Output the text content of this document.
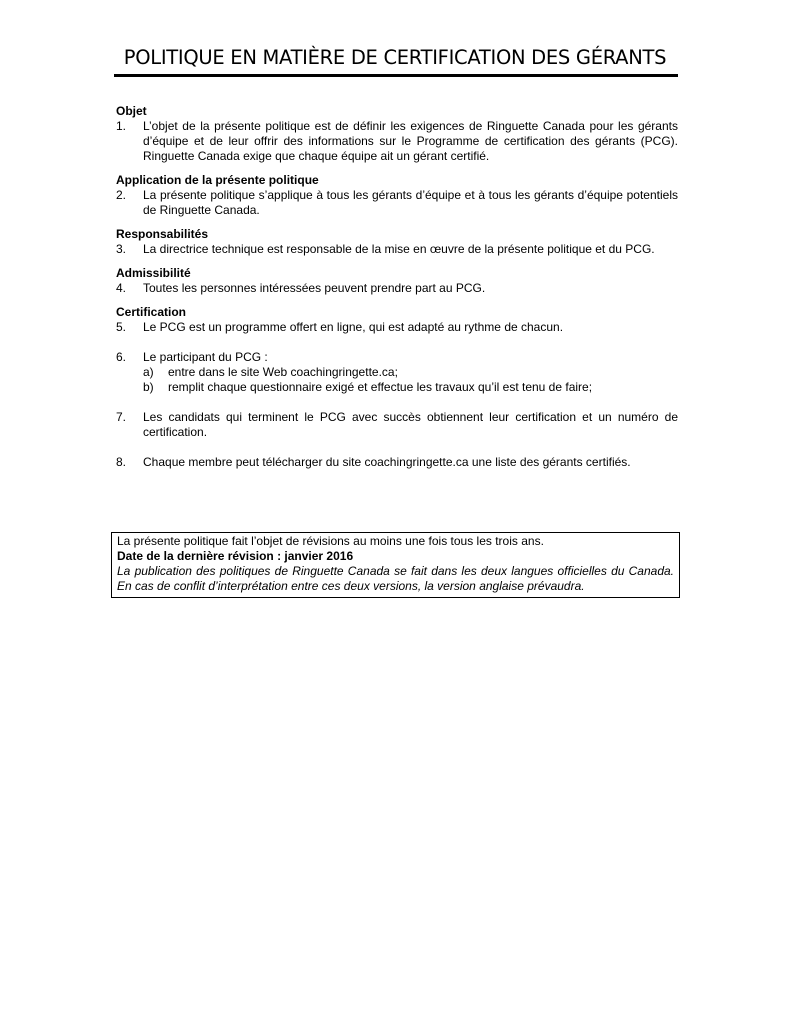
POLITIQUE EN MATIÈRE DE CERTIFICATION DES GÉRANTS
Objet
1.	L’objet de la présente politique est de définir les exigences de Ringuette Canada pour les gérants d’équipe et de leur offrir des informations sur le Programme de certification des gérants (PCG). Ringuette Canada exige que chaque équipe ait un gérant certifié.
Application de la présente politique
2.	La présente politique s’applique à tous les gérants d’équipe et à tous les gérants d’équipe potentiels de Ringuette Canada.
Responsabilités
3.	La directrice technique est responsable de la mise en œuvre de la présente politique et du PCG.
Admissibilité
4.	Toutes les personnes intéressées peuvent prendre part au PCG.
Certification
5.	Le PCG est un programme offert en ligne, qui est adapté au rythme de chacun.
6.	Le participant du PCG :
a)	entre dans le site Web coachingringette.ca;
b)	remplit chaque questionnaire exigé et effectue les travaux qu’il est tenu de faire;
7.	Les candidats qui terminent le PCG avec succès obtiennent leur certification et un numéro de certification.
8.	Chaque membre peut télécharger du site coachingringette.ca une liste des gérants certifiés.
La présente politique fait l’objet de révisions au moins une fois tous les trois ans.
Date de la dernière révision : janvier 2016
La publication des politiques de Ringuette Canada se fait dans les deux langues officielles du Canada. En cas de conflit d’interprétation entre ces deux versions, la version anglaise prévaudra.
